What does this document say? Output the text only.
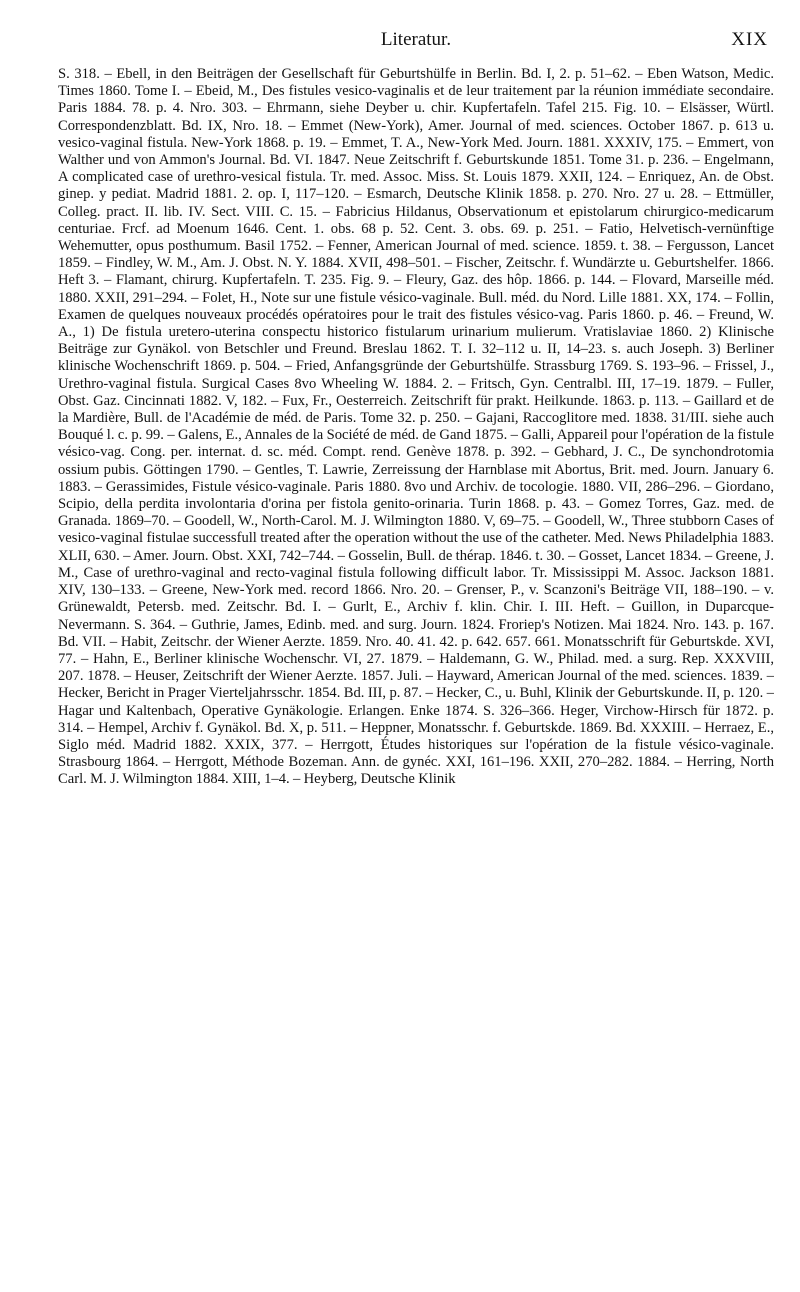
Literatur.	XIX
S. 318. – Ebell, in den Beiträgen der Gesellschaft für Geburtshülfe in Berlin. Bd. I, 2. p. 51–62. – Eben Watson, Medic. Times 1860. Tome I. – Ebeid, M., Des fistules vesico-vaginalis et de leur traitement par la réunion immédiate secondaire. Paris 1884. 78. p. 4. Nro. 303. – Ehrmann, siehe Deyber u. chir. Kupfertafeln. Tafel 215. Fig. 10. – Elsässer, Würtl. Correspondenzblatt. Bd. IX, Nro. 18. – Emmet (New-York), Amer. Journal of med. sciences. October 1867. p. 613 u. vesico-vaginal fistula. New-York 1868. p. 19. – Emmet, T. A., New-York Med. Journ. 1881. XXXIV, 175. – Emmert, von Walther und von Ammon's Journal. Bd. VI. 1847. Neue Zeitschrift f. Geburtskunde 1851. Tome 31. p. 236. – Engelmann, A complicated case of urethro-vesical fistula. Tr. med. Assoc. Miss. St. Louis 1879. XXII, 124. – Enriquez, An. de Obst. ginep. y pediat. Madrid 1881. 2. op. I, 117–120. – Esmarch, Deutsche Klinik 1858. p. 270. Nro. 27 u. 28. – Ettmüller, Colleg. pract. II. lib. IV. Sect. VIII. C. 15. – Fabricius Hildanus, Observationum et epistolarum chirurgico-medicarum centuriae. Frcf. ad Moenum 1646. Cent. 1. obs. 68 p. 52. Cent. 3. obs. 69. p. 251. – Fatio, Helvetisch-vernünftige Wehemutter, opus posthumum. Basil 1752. – Fenner, American Journal of med. science. 1859. t. 38. – Fergusson, Lancet 1859. – Findley, W. M., Am. J. Obst. N. Y. 1884. XVII, 498–501. – Fischer, Zeitschr. f. Wundärzte u. Geburtshelfer. 1866. Heft 3. – Flamant, chirurg. Kupfertafeln. T. 235. Fig. 9. – Fleury, Gaz. des hôp. 1866. p. 144. – Flovard, Marseille méd. 1880. XXII, 291–294. – Folet, H., Note sur une fistule vésico-vaginale. Bull. méd. du Nord. Lille 1881. XX, 174. – Follin, Examen de quelques nouveaux procédés opératoires pour le trait des fistules vésico-vag. Paris 1860. p. 46. – Freund, W. A., 1) De fistula uretero-uterina conspectu historico fistularum urinarium mulierum. Vratislaviae 1860. 2) Klinische Beiträge zur Gynäkol. von Betschler und Freund. Breslau 1862. T. I. 32–112 u. II, 14–23. s. auch Joseph. 3) Berliner klinische Wochenschrift 1869. p. 504. – Fried, Anfangsgründe der Geburtshülfe. Strassburg 1769. S. 193–96. – Frissel, J., Urethro-vaginal fistula. Surgical Cases 8vo Wheeling W. 1884. 2. – Fritsch, Gyn. Centralbl. III, 17–19. 1879. – Fuller, Obst. Gaz. Cincinnati 1882. V, 182. – Fux, Fr., Oesterreich. Zeitschrift für prakt. Heilkunde. 1863. p. 113. – Gaillard et de la Mardière, Bull. de l'Académie de méd. de Paris. Tome 32. p. 250. – Gajani, Raccoglitore med. 1838. 31/III. siehe auch Bouqué l. c. p. 99. – Galens, E., Annales de la Société de méd. de Gand 1875. – Galli, Appareil pour l'opération de la fistule vésico-vag. Cong. per. internat. d. sc. méd. Compt. rend. Genève 1878. p. 392. – Gebhard, J. C., De synchondrotomia ossium pubis. Göttingen 1790. – Gentles, T. Lawrie, Zerreissung der Harnblase mit Abortus, Brit. med. Journ. January 6. 1883. – Gerassimides, Fistule vésico-vaginale. Paris 1880. 8vo und Archiv. de tocologie. 1880. VII, 286–296. – Giordano, Scipio, della perdita involontaria d'orina per fistola genito-orinaria. Turin 1868. p. 43. – Gomez Torres, Gaz. med. de Granada. 1869–70. – Goodell, W., North-Carol. M. J. Wilmington 1880. V, 69–75. – Goodell, W., Three stubborn Cases of vesico-vaginal fistulae successfull treated after the operation without the use of the catheter. Med. News Philadelphia 1883. XLII, 630. – Amer. Journ. Obst. XXI, 742–744. – Gosselin, Bull. de thérap. 1846. t. 30. – Gosset, Lancet 1834. – Greene, J. M., Case of urethro-vaginal and recto-vaginal fistula following difficult labor. Tr. Mississippi M. Assoc. Jackson 1881. XIV, 130–133. – Greene, New-York med. record 1866. Nro. 20. – Grenser, P., v. Scanzoni's Beiträge VII, 188–190. – v. Grünewaldt, Petersb. med. Zeitschr. Bd. I. – Gurlt, E., Archiv f. klin. Chir. I. III. Heft. – Guillon, in Duparcque-Nevermann. S. 364. – Guthrie, James, Edinb. med. and surg. Journ. 1824. Froriep's Notizen. Mai 1824. Nro. 143. p. 167. Bd. VII. – Habit, Zeitschr. der Wiener Aerzte. 1859. Nro. 40. 41. 42. p. 642. 657. 661. Monatsschrift für Geburtskde. XVI, 77. – Hahn, E., Berliner klinische Wochenschr. VI, 27. 1879. – Haldemann, G. W., Philad. med. a surg. Rep. XXXVIII, 207. 1878. – Heuser, Zeitschrift der Wiener Aerzte. 1857. Juli. – Hayward, American Journal of the med. sciences. 1839. – Hecker, Bericht in Prager Vierteljahrsschr. 1854. Bd. III, p. 87. – Hecker, C., u. Buhl, Klinik der Geburtskunde. II, p. 120. – Hagar und Kaltenbach, Operative Gynäkologie. Erlangen. Enke 1874. S. 326–366. Heger, Virchow-Hirsch für 1872. p. 314. – Hempel, Archiv f. Gynäkol. Bd. X, p. 511. – Heppner, Monatsschr. f. Geburtskde. 1869. Bd. XXXIII. – Herraez, E., Siglo méd. Madrid 1882. XXIX, 377. – Herrgott, Études historiques sur l'opération de la fistule vésico-vaginale. Strasbourg 1864. – Herrgott, Méthode Bozeman. Ann. de gynéc. XXI, 161–196. XXII, 270–282. 1884. – Herring, North Carl. M. J. Wilmington 1884. XIII, 1–4. – Heyberg, Deutsche Klinik
